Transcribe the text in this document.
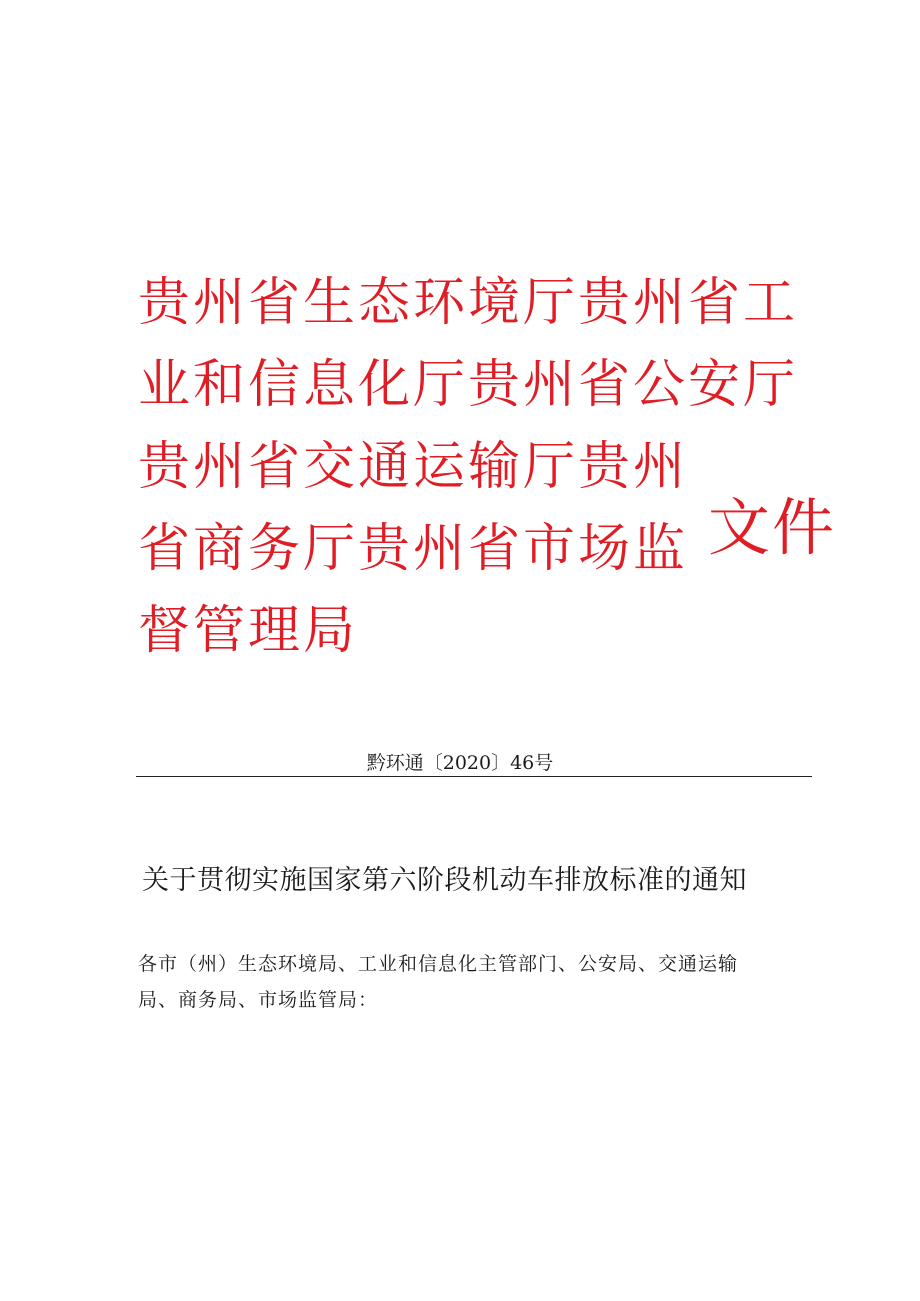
贵州省生态环境厅贵州省工
业和信息化厅贵州省公安厅
贵州省交通运输厅贵州
省商务厅贵州省市场监
督管理局
文件
黔环通〔2020〕46号
关于贯彻实施国家第六阶段机动车排放标准的通知
各市（州）生态环境局、工业和信息化主管部门、公安局、交通运输
局、商务局、市场监管局：
